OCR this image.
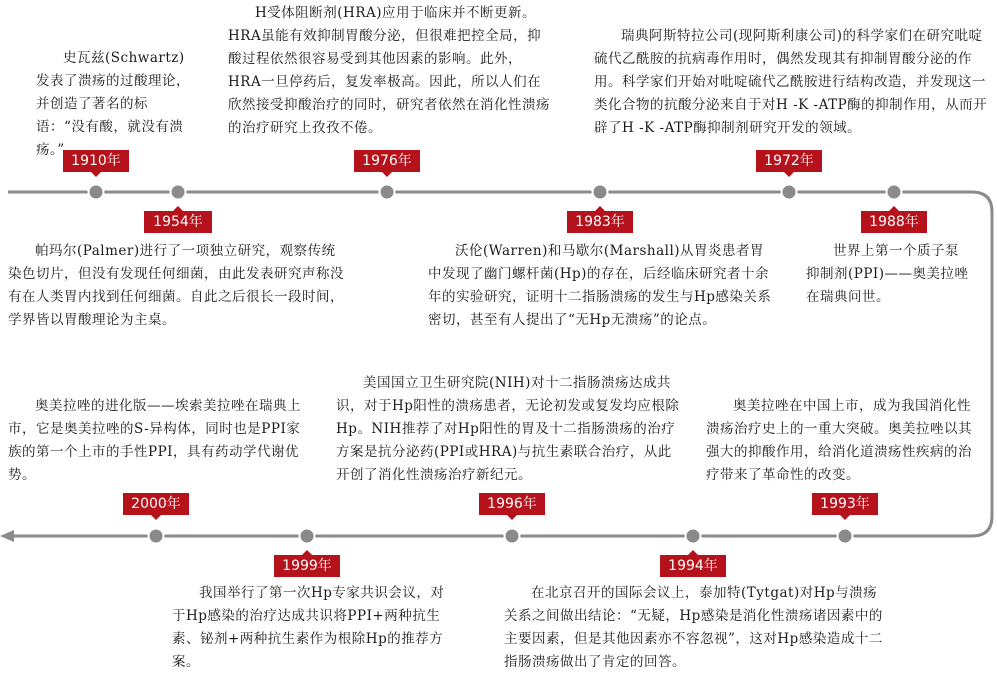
1910年
1954年
1976年
1983年
1972年
1988年
2000年
1999年
1996年
1994年
1993年

史瓦兹(Schwartz)发表了溃疡的过酸理论，并创造了著名的标语：“没有酸，就没有溃疡。”

帕玛尔(Palmer)进行了一项独立研究，观察传统染色切片，但没有发现任何细菌，由此发表研究声称没有在人类胃内找到任何细菌。自此之后很长一段时间，学界皆以胃酸理论为主桌。

H受体阻断剂(HRA)应用于临床并不断更新。HRA虽能有效抑制胃酸分泌，但很难把控全局，抑酸过程依然很容易受到其他因素的影响。此外，HRA一旦停药后，复发率极高。因此，所以人们在欣然接受抑酸治疗的同时，研究者依然在消化性溃疡的治疗研究上孜孜不倦。

沃伦(Warren)和马歇尔(Marshall)从胃炎患者胃中发现了幽门螺杆菌(Hp)的存在，后经临床研究者十余年的实验研究，证明十二指肠溃疡的发生与Hp感染关系密切，甚至有人提出了“无Hp无溃疡”的论点。

瑞典阿斯特拉公司(现阿斯利康公司)的科学家们在研究吡啶硫代乙酰胺的抗病毒作用时，偶然发现其有抑制胃酸分泌的作用。科学家们开始对吡啶硫代乙酰胺进行结构改造，并发现这一类化合物的抗酸分泌来自于对H -K -ATP酶的抑制作用，从而开辟了H -K -ATP酶抑制剂研究开发的领域。

世界上第一个质子泵抑制剂(PPI)——奥美拉唑在瑞典问世。

奥美拉唑的进化版——埃索美拉唑在瑞典上市，它是奥美拉唑的S-异构体，同时也是PPI家族的第一个上市的手性PPI，具有药动学代谢优势。

我国举行了第一次Hp专家共识会议，对于Hp感染的治疗达成共识将PPI+两种抗生素、铋剂+两种抗生素作为根除Hp的推荐方案。

美国国立卫生研究院(NIH)对十二指肠溃疡达成共识，对于Hp阳性的溃疡患者，无论初发或复发均应根除Hp。NIH推荐了对Hp阳性的胃及十二指肠溃疡的治疗方案是抗分泌药(PPI或HRA)与抗生素联合治疗，从此开创了消化性溃疡治疗新纪元。

在北京召开的国际会议上，泰加特(Tytgat)对Hp与溃疡关系之间做出结论：“无疑，Hp感染是消化性溃疡诸因素中的主要因素，但是其他因素亦不容忽视”，这对Hp感染造成十二指肠溃疡做出了肯定的回答。

奥美拉唑在中国上市，成为我国消化性溃疡治疗史上的一重大突破。奥美拉唑以其强大的抑酸作用，给消化道溃疡性疾病的治疗带来了革命性的改变。
